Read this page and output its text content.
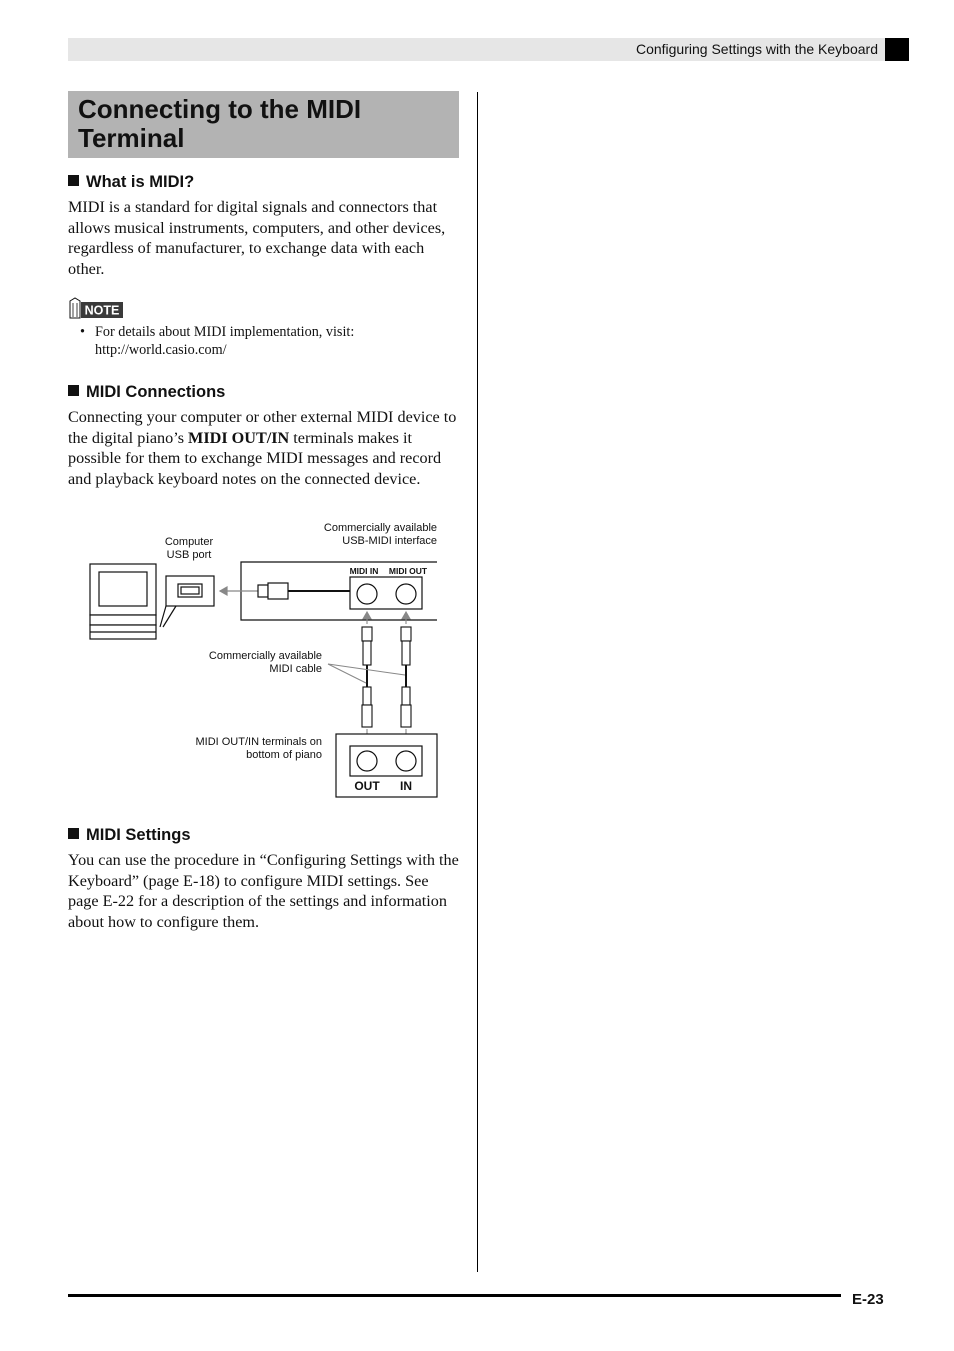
Configuring Settings with the Keyboard
Connecting to the MIDI Terminal
What is MIDI?

MIDI is a standard for digital signals and connectors that allows musical instruments, computers, and other devices, regardless of manufacturer, to exchange data with each other.

NOTE
• For details about MIDI implementation, visit: http://world.casio.com/
MIDI Connections

Connecting your computer or other external MIDI device to the digital piano’s MIDI OUT/IN terminals makes it possible for them to exchange MIDI messages and record and playback keyboard notes on the connected device.

Computer
USB port
Commercially available
USB-MIDI interface
Commercially available
MIDI cable
MIDI OUT/IN terminals on
bottom of piano
MIDI IN MIDI OUT
OUT IN
MIDI Settings

You can use the procedure in “Configuring Settings with the Keyboard” (page E-18) to configure MIDI settings. See page E-22 for a description of the settings and information about how to configure them.

E-23
